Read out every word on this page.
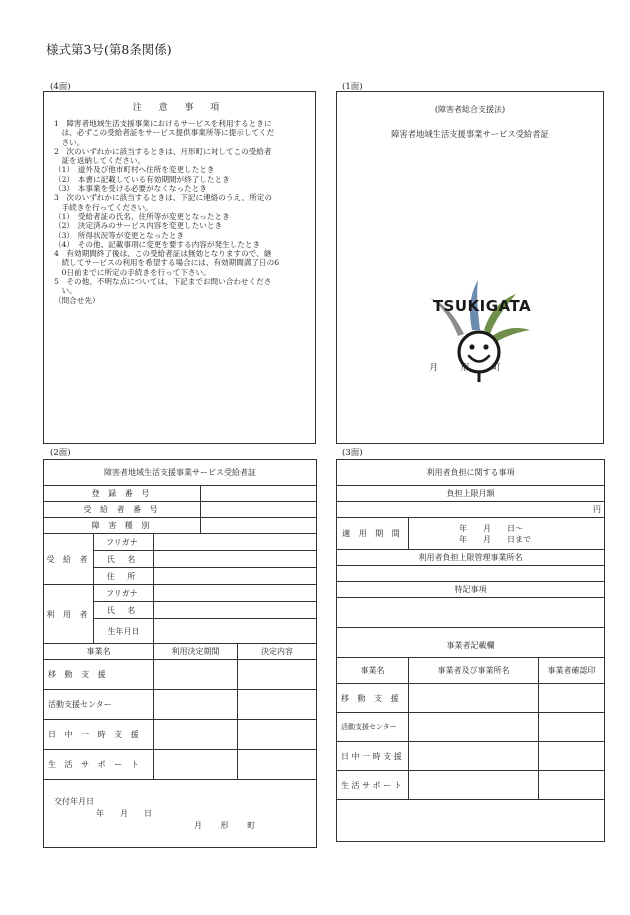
様式第3号(第8条関係)
(4面)	(1面)
(2面)	(3面)
注 意 事 項
1　障害者地域生活支援事業におけるサービスを利用するときに
　は、必ずこの受給者証をサービス提供事業所等に提示してくだ
　さい。
2　次のいずれかに該当するときは、月形町に対してこの受給者
　証を返納してください。
（1）　道外及び他市町村へ住所を変更したとき
（2）　本書に記載している有効期間が終了したとき
（3）　本事業を受ける必要がなくなったとき
3　次のいずれかに該当するときは、下記に連絡のうえ、所定の
　手続きを行ってください。
（1）　受給者証の氏名、住所等が変更となったとき
（2）　決定済みのサービス内容を変更したいとき
（3）　所得状況等が変更となったとき
（4）　その他、記載事項に変更を要する内容が発生したとき
4　有効期間終了後は、この受給者証は無効となりますので、継
　続してサービスの利用を希望する場合には、有効期間満了日の6
　0日前までに所定の手続きを行って下さい。
5　その他、不明な点については、下記までお問い合わせくださ
　い。
（問合せ先）
(障害者総合支援法)
障害者地域生活支援事業サービス受給者証
TSUKIGATA
月 形 町
障害者地域生活支援事業サービス受給者証				
登 録 番 号				
受 給 者 番 号				
障 害 種 別				
受 給 者	フリガナ			
	氏 名			
	住 所			
利 用 者	フリガナ			
	氏 名			
	生年月日			
事業名		利用決定期間		決定内容
移 動 支 援				
活動支援センター				
日 中 一 時 支 援				
生 活 サ ポ ー ト				

交付年月日
年　　月　　日
月 形 町				
利用者負担に関する事項		
負担上限月額		
円		
適 用 期 間	年　　月　　日～
年　　月　　日まで	

利用者負担上限管理事業所名		

特記事項		

事業者記載欄		
事業名	事業者及び事業所名	事業者確認印
移 動 支 援		
活動支援センター		
日 中 一 時 支 援		
生 活 サ ポ ー ト		
